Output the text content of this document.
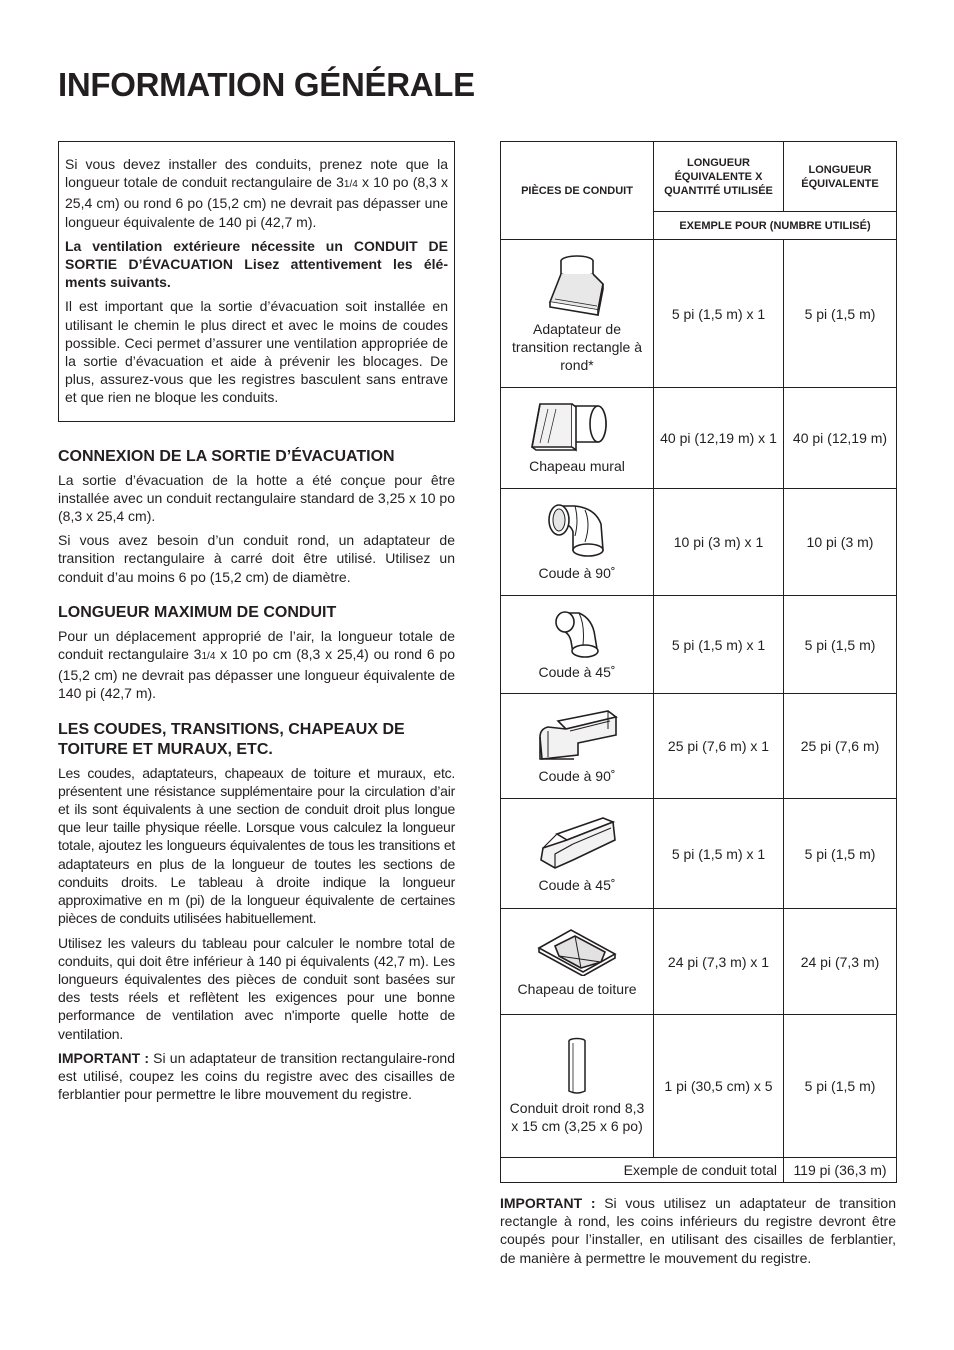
INFORMATION GÉNÉRALE

Si vous devez installer des conduits, prenez note que la longueur totale de conduit rectangulaire de 31/4 x 10 po (8,3 x 25,4 cm) ou rond 6 po (15,2 cm) ne devrait pas dépasser une longueur équivalente de 140 pi (42,7 m).

La ventilation extérieure nécessite un CONDUIT DE SORTIE D’ÉVACUATION Lisez attentivement les élé-ments suivants.

Il est important que la sortie d’évacuation soit installée en utilisant le chemin le plus direct et avec le moins de coudes possible. Ceci permet d’assurer une ventilation appropriée de la sortie d’évacuation et aide à prévenir les blocages. De plus, assurez-vous que les registres basculent sans entrave et que rien ne bloque les conduits.

CONNEXION DE LA SORTIE D’ÉVACUATION

La sortie d’évacuation de la hotte a été conçue pour être installée avec un conduit rectangulaire standard de 3,25 x 10 po (8,3 x 25,4 cm).

Si vous avez besoin d’un conduit rond, un adaptateur de transition rectangulaire à carré doit être utilisé. Utilisez un conduit d’au moins 6 po (15,2 cm) de diamètre.

LONGUEUR MAXIMUM DE CONDUIT

Pour un déplacement approprié de l’air, la longueur totale de conduit rectangulaire 31/4 x 10 po cm (8,3 x 25,4) ou rond 6 po (15,2 cm) ne devrait pas dépasser une longueur équivalente de 140 pi (42,7 m).

LES COUDES, TRANSITIONS, CHAPEAUX DE TOITURE ET MURAUX, ETC.

Les coudes, adaptateurs, chapeaux de toiture et muraux, etc. présentent une résistance supplémentaire pour la circulation d’air et ils sont équivalents à une section de conduit droit plus longue que leur taille physique réelle. Lorsque vous calculez la longueur totale, ajoutez les longueurs équivalentes de tous les transitions et adaptateurs en plus de la longueur de toutes les sections de conduits droits. Le tableau à droite indique la longueur approximative en m (pi) de la longueur équivalente de certaines pièces de conduits utilisées habituellement.

Utilisez les valeurs du tableau pour calculer le nombre total de conduits, qui doit être inférieur à 140 pi équivalents (42,7 m). Les longueurs équivalentes des pièces de conduit sont basées sur des tests réels et reflètent les exigences pour une bonne performance de ventilation avec n'importe quelle hotte de ventilation.

IMPORTANT : Si un adaptateur de transition rectangulaire-rond est utilisé, coupez les coins du registre avec des cisailles de ferblantier pour permettre le libre mouvement du registre.

PIÈCES DE CONDUIT	LONGUEUR ÉQUIVALENTE X QUANTITÉ UTILISÉE	LONGUEUR ÉQUIVALENTE
	EXEMPLE POUR (NUMBRE UTILISÉ)	

Adaptateur de transition rectangle à rond*	5 pi (1,5 m) x 1	5 pi (1,5 m)

Chapeau mural	40 pi (12,19 m) x 1	40 pi (12,19 m)

Coude à 90˚	10 pi (3 m) x 1	10 pi (3 m)

Coude à 45˚	5 pi (1,5 m) x 1	5 pi (1,5 m)

Coude à 90˚	25 pi (7,6 m) x 1	25 pi (7,6 m)

Coude à 45˚	5 pi (1,5 m) x 1	5 pi (1,5 m)

Chapeau de toiture	24 pi (7,3 m) x 1	24 pi (7,3 m)

Conduit droit rond 8,3 x 15 cm (3,25 x 6 po)	1 pi (30,5 cm) x 5	5 pi (1,5 m)
Exemple de conduit total		119 pi (36,3 m)

IMPORTANT : Si vous utilisez un adaptateur de transition rectangle à rond, les coins inférieurs du registre devront être coupés pour l’installer, en utilisant des cisailles de ferblantier, de manière à permettre le mouvement du registre.
